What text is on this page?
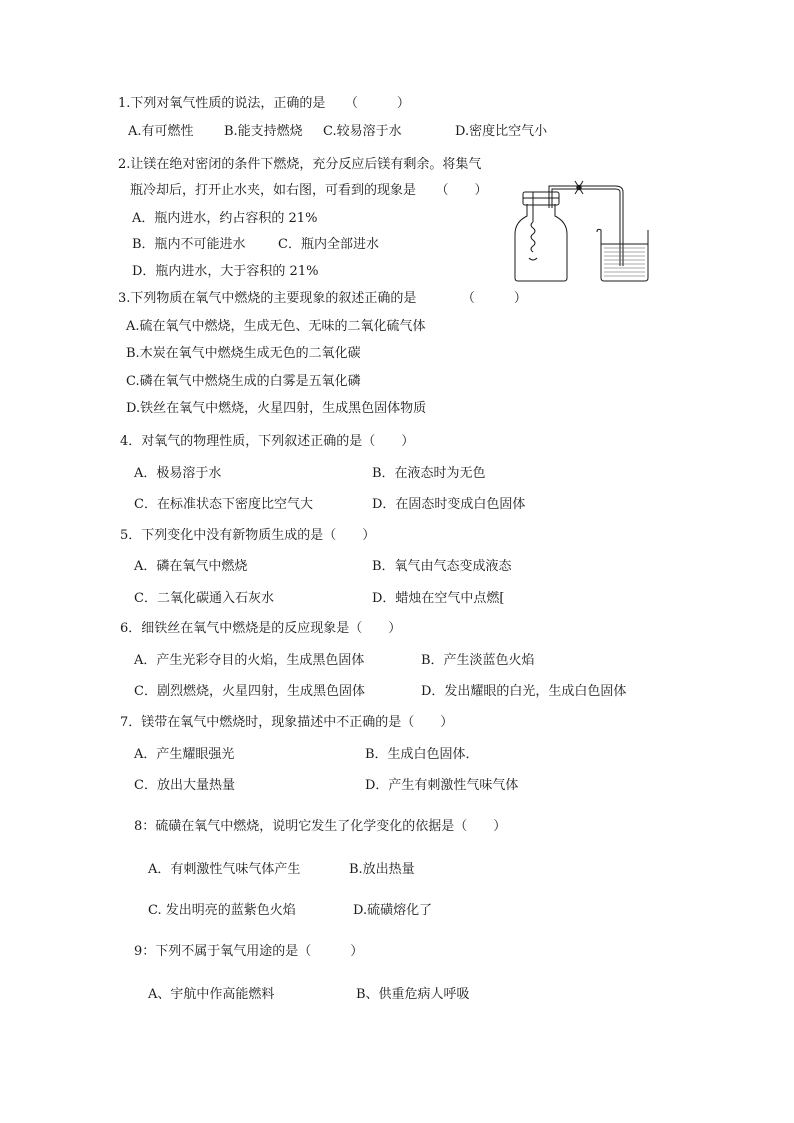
1.下列对氧气性质的说法，正确的是　　（　　　）
A.有可燃性 B.能支持燃烧 C.较易溶于水	D.密度比空气小
2.让镁在绝对密闭的条件下燃烧，充分反应后镁有剩余。将集气
瓶冷却后，打开止水夹，如右图，可看到的现象是　　（　　）
A．瓶内进水，约占容积的 21%
B．瓶内不可能进水 C．瓶内全部进水
D．瓶内进水，大于容积的 21%
3.下列物质在氧气中燃烧的主要现象的叙述正确的是　　　　（　　　）
A.硫在氧气中燃烧，生成无色、无味的二氧化硫气体
B.木炭在氧气中燃烧生成无色的二氧化碳
C.磷在氧气中燃烧生成的白雾是五氧化磷
D.铁丝在氧气中燃烧，火星四射，生成黑色固体物质
4．对氧气的物理性质，下列叙述正确的是（　　）
A．极易溶于水	B．在液态时为无色
C．在标准状态下密度比空气大	D．在固态时变成白色固体
5．下列变化中没有新物质生成的是（　　）
A．磷在氧气中燃烧	B．氧气由气态变成液态
C．二氧化碳通入石灰水	D．蜡烛在空气中点燃[
6．细铁丝在氧气中燃烧是的反应现象是（　　）
A．产生光彩夺目的火焰，生成黑色固体	B．产生淡蓝色火焰
C．剧烈燃烧，火星四射，生成黑色固体	D．发出耀眼的白光，生成白色固体
7．镁带在氧气中燃烧时，现象描述中不正确的是（　　）
A．产生耀眼强光	B．生成白色固体．
C．放出大量热量	D．产生有刺激性气味气体
8：硫磺在氧气中燃烧，说明它发生了化学变化的依据是（　　）
A．有刺激性气味气体产生	B.放出热量
C. 发出明亮的蓝紫色火焰	D.硫磺熔化了
9：下列不属于氧气用途的是（　　　）
A、宇航中作高能燃料	B、供重危病人呼吸
